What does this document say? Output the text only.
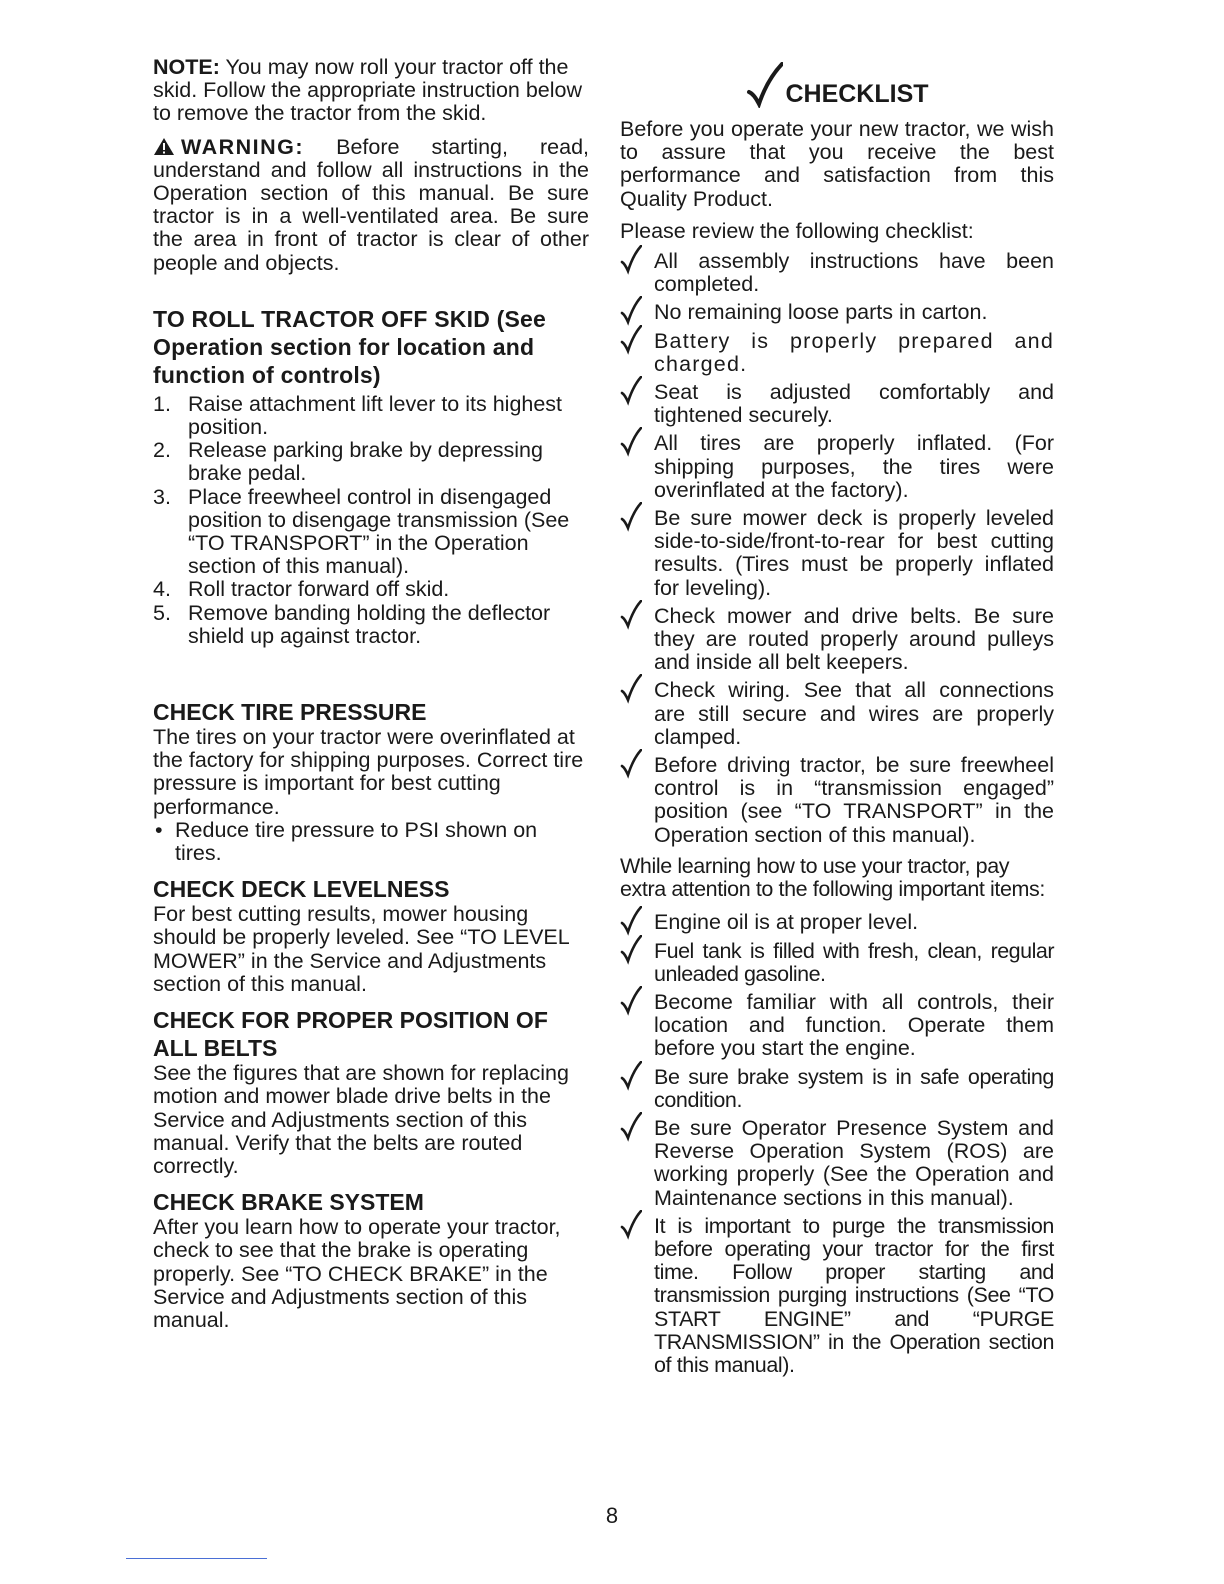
NOTE: You may now roll your tractor off the skid. Follow the appropriate instruction below to remove the tractor from the skid.

WARNING: Before starting, read, understand and follow all instructions in the Operation section of this manual. Be sure tractor is in a well-ventilated area. Be sure the area in front of tractor is clear of other people and objects.

TO ROLL TRACTOR OFF SKID (See Operation section for location and function of controls)
1. Raise attachment lift lever to its highest position.
2. Release parking brake by depressing brake pedal.
3. Place freewheel control in disengaged position to disengage transmission (See “TO TRANSPORT” in the Operation section of this manual).
4. Roll tractor forward off skid.
5. Remove banding holding the deflector shield up against tractor.
CHECK TIRE PRESSURE

The tires on your tractor were overinflated at the factory for shipping purposes. Correct tire pressure is important for best cutting performance.

• Reduce tire pressure to PSI shown on tires.

CHECK DECK LEVELNESS

For best cutting results, mower housing should be properly leveled. See “TO LEVEL MOWER” in the Service and Adjustments section of this manual.

CHECK FOR PROPER POSITION OF ALL BELTS

See the figures that are shown for replacing motion and mower blade drive belts in the Service and Adjustments section of this manual. Verify that the belts are routed correctly.

CHECK BRAKE SYSTEM

After you learn how to operate your tractor, check to see that the brake is operating properly. See “TO CHECK BRAKE” in the Service and Adjustments section of this manual.

CHECKLIST

Before you operate your new tractor, we wish to assure that you receive the best performance and satisfaction from this Quality Product.

Please review the following checklist:

All assembly instructions have been completed.
No remaining loose parts in carton.
Battery is properly prepared and charged.
Seat is adjusted comfortably and tightened securely.
All tires are properly inflated. (For shipping purposes, the tires were overinflated at the factory).
Be sure mower deck is properly leveled side-to-side/front-to-rear for best cutting results. (Tires must be properly inflated for leveling).
Check mower and drive belts. Be sure they are routed properly around pulleys and inside all belt keepers.
Check wiring. See that all connections are still secure and wires are properly clamped.
Before driving tractor, be sure freewheel control is in “transmission engaged” position (see “TO TRANSPORT” in the Operation section of this manual).

While learning how to use your tractor, pay extra attention to the following important items:

Engine oil is at proper level.
Fuel tank is filled with fresh, clean, regular unleaded gasoline.
Become familiar with all controls, their location and function. Operate them before you start the engine.
Be sure brake system is in safe operating condition.
Be sure Operator Presence System and Reverse Operation System (ROS) are working properly (See the Operation and Maintenance sections in this manual).
It is important to purge the transmission before operating your tractor for the first time. Follow proper starting and transmission purging instructions (See “TO START ENGINE” and “PURGE TRANSMISSION” in the Operation section of this manual).
8
